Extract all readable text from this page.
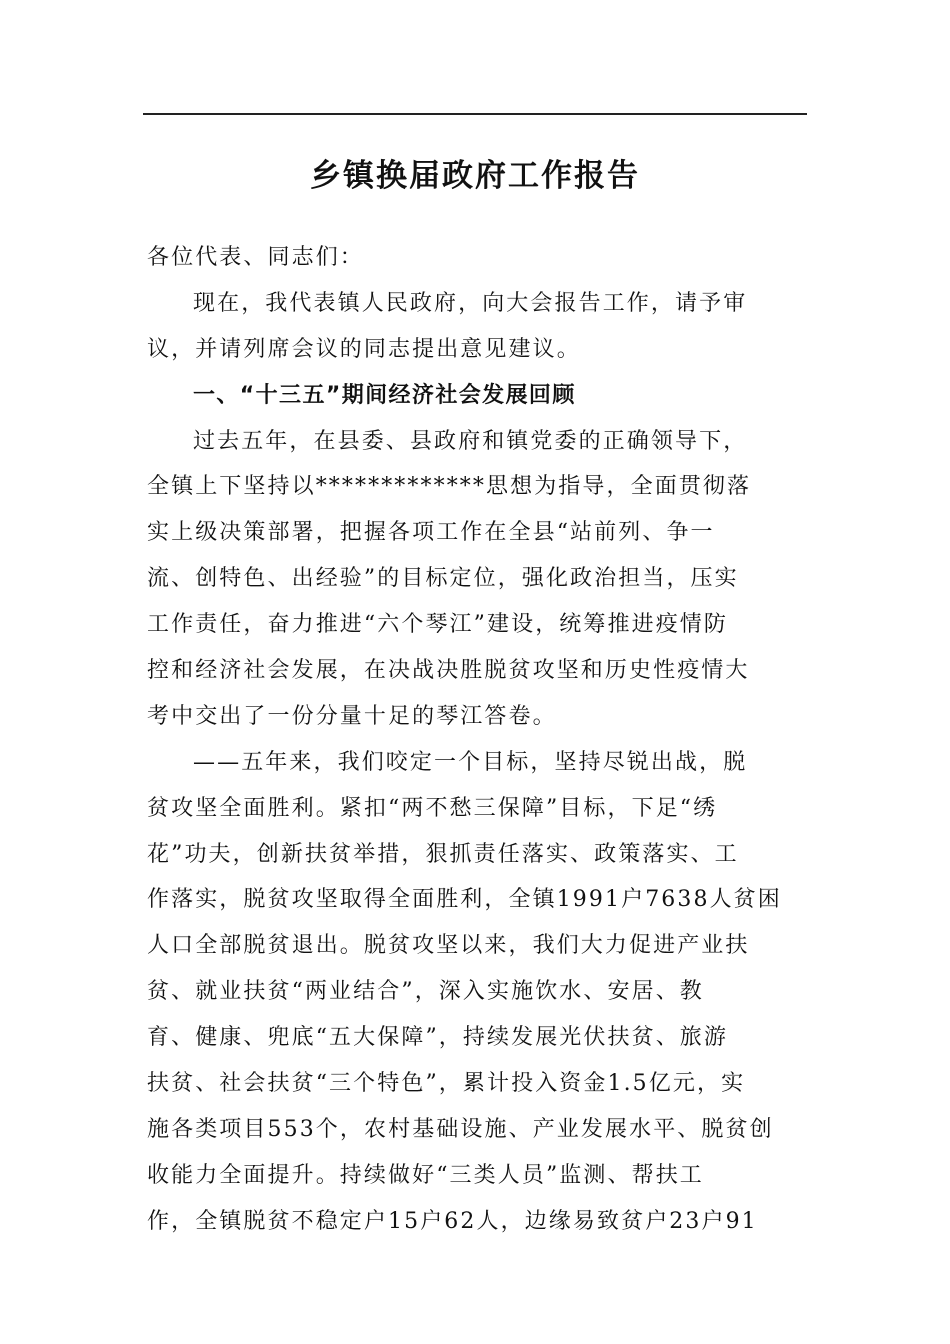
乡镇换届政府工作报告
各位代表、同志们：
现在，我代表镇人民政府，向大会报告工作，请予审
议，并请列席会议的同志提出意见建议。
一、“十三五”期间经济社会发展回顾
过去五年，在县委、县政府和镇党委的正确领导下，
全镇上下坚持以*************思想为指导，全面贯彻落
实上级决策部署，把握各项工作在全县“站前列、争一
流、创特色、出经验”的目标定位，强化政治担当，压实
工作责任，奋力推进“六个琴江”建设，统筹推进疫情防
控和经济社会发展，在决战决胜脱贫攻坚和历史性疫情大
考中交出了一份分量十足的琴江答卷。
——五年来，我们咬定一个目标，坚持尽锐出战，脱
贫攻坚全面胜利。紧扣“两不愁三保障”目标，下足“绣
花”功夫，创新扶贫举措，狠抓责任落实、政策落实、工
作落实，脱贫攻坚取得全面胜利，全镇1991户7638人贫困
人口全部脱贫退出。脱贫攻坚以来，我们大力促进产业扶
贫、就业扶贫“两业结合”，深入实施饮水、安居、教
育、健康、兜底“五大保障”，持续发展光伏扶贫、旅游
扶贫、社会扶贫“三个特色”，累计投入资金1.5亿元，实
施各类项目553个，农村基础设施、产业发展水平、脱贫创
收能力全面提升。持续做好“三类人员”监测、帮扶工
作，全镇脱贫不稳定户15户62人，边缘易致贫户23户91
